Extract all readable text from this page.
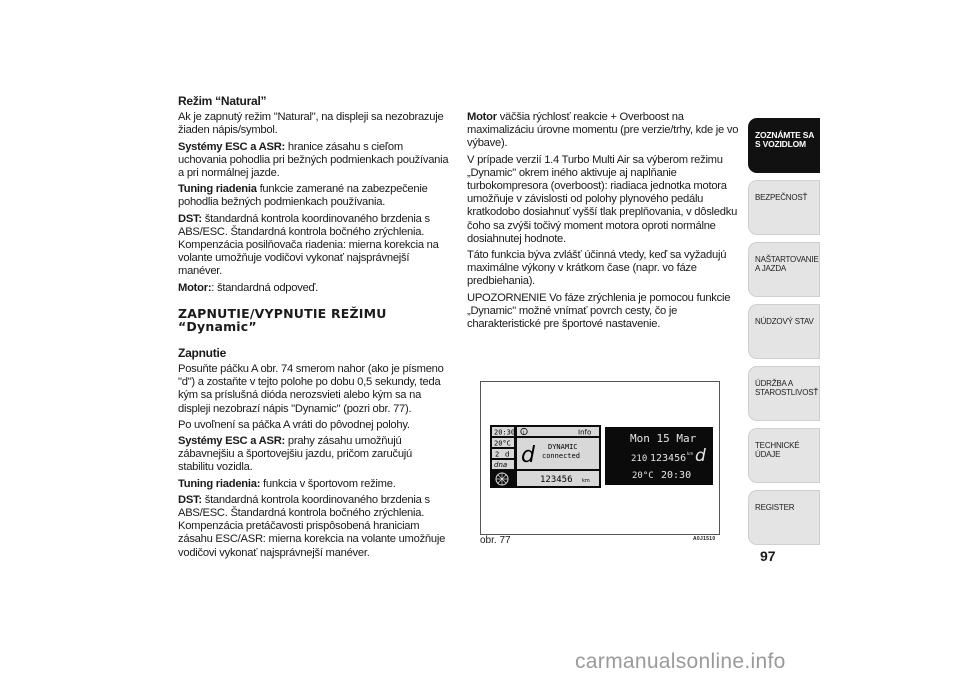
Režim “Natural”

Ak je zapnutý režim "Natural", na displeji sa nezobrazuje žiaden nápis/symbol.

Systémy ESC a ASR: hranice zásahu s cieľom uchovania pohodlia pri bežných podmienkach používania a pri normálnej jazde.

Tuning riadenia funkcie zamerané na zabezpečenie pohodlia bežných podmienkach používania.

DST: štandardná kontrola koordinovaného brzdenia s ABS/ESC. Štandardná kontrola bočného zrýchlenia. Kompenzácia posilňovača riadenia: mierna korekcia na volante umožňuje vodičovi vykonať najsprávnejší manéver.

Motor:: štandardná odpoveď.

ZAPNUTIE/VYPNUTIE REŽIMU
“Dynamic”

Zapnutie

Posuňte páčku A obr. 74 smerom nahor (ako je písmeno "d") a zostaňte v tejto polohe po dobu 0,5 sekundy, teda kým sa príslušná dióda nerozsvieti alebo kým sa na displeji nezobrazí nápis "Dynamic" (pozri obr. 77).

Po uvoľnení sa páčka A vráti do pôvodnej polohy.

Systémy ESC a ASR: prahy zásahu umožňujú zábavnejšiu a športovejšiu jazdu, pričom zaručujú stabilitu vozidla.

Tuning riadenia: funkcia v športovom režime.

DST: štandardná kontrola koordinovaného brzdenia s ABS/ESC. Štandardná kontrola bočného zrýchlenia. Kompenzácia pretáčavosti prispôsobená hraniciam zásahu ESC/ASR: mierna korekcia na volante umožňuje vodičovi vykonať najsprávnejší manéver.

Motor väčšia rýchlosť reakcie + Overboost na maximalizáciu úrovne momentu (pre verzie/trhy, kde je vo výbave).

V prípade verzií 1.4 Turbo Multi Air sa výberom režimu „Dynamic" okrem iného aktivuje aj naplňanie turbokompresora (overboost): riadiaca jednotka motora umožňuje v závislosti od polohy plynového pedálu kratkodobo dosiahnuť vyšší tlak preplňovania, v dôsledku čoho sa zvýši točivý moment motora oproti normálne dosiahnutej hodnote.

Táto funkcia býva zvlášť účinná vtedy, keď sa vyžadujú maximálne výkony v krátkom čase (napr. vo fáze predbiehania).

UPOZORNENIE Vo fáze zrýchlenia je pomocou funkcie „Dynamic" možné vnímať povrch cesty, čo je charakteristické pre športové nastavenie.

20:30
20°C
2 d
dna
i	Info
d DYNAMIC
connected
123456 km
Mon 15 Mar
210 123456 km d
20°C 20:30
obr. 77	A0J1510
ZOZNÁMTE SA S VOZIDLOM
BEZPEČNOSŤ
NAŠTARTOVANIE A JAZDA
NÚDZOVÝ STAV
ÚDRŽBA A STAROSTLIVOSŤ
TECHNICKÉ ÚDAJE
REGISTER
97
carmanualsonline.info
